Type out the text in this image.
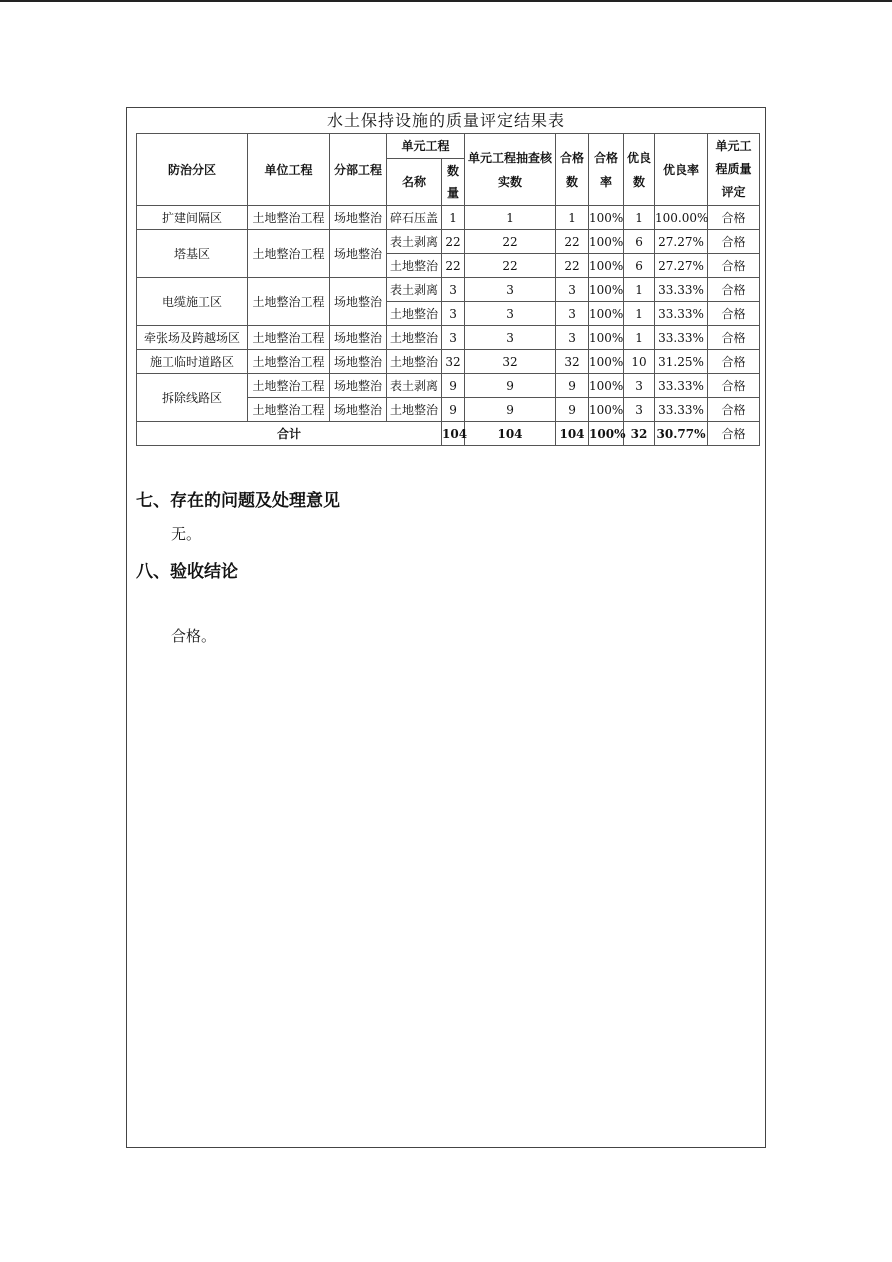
水土保持设施的质量评定结果表
防治分区	单位工程	分部工程	单元工程		单元工程抽查核实数	合格数	合格率	优良数	优良率	单元工程质量评定
			名称	数量						
扩建间隔区	土地整治工程	场地整治	碎石压盖	1	1	1	100%	1	100.00%	合格
塔基区	土地整治工程	场地整治	表土剥离	22	22	22	100%	6	27.27%	合格
			土地整治	22	22	22	100%	6	27.27%	合格
电缆施工区	土地整治工程	场地整治	表土剥离	3	3	3	100%	1	33.33%	合格
			土地整治	3	3	3	100%	1	33.33%	合格
牵张场及跨越场区	土地整治工程	场地整治	土地整治	3	3	3	100%	1	33.33%	合格
施工临时道路区	土地整治工程	场地整治	土地整治	32	32	32	100%	10	31.25%	合格
拆除线路区	土地整治工程	场地整治	表土剥离	9	9	9	100%	3	33.33%	合格
	土地整治工程	场地整治	土地整治	9	9	9	100%	3	33.33%	合格
合计				104	104	104	100%	32	30.77%	合格
七、存在的问题及处理意见
无。
八、验收结论
合格。
